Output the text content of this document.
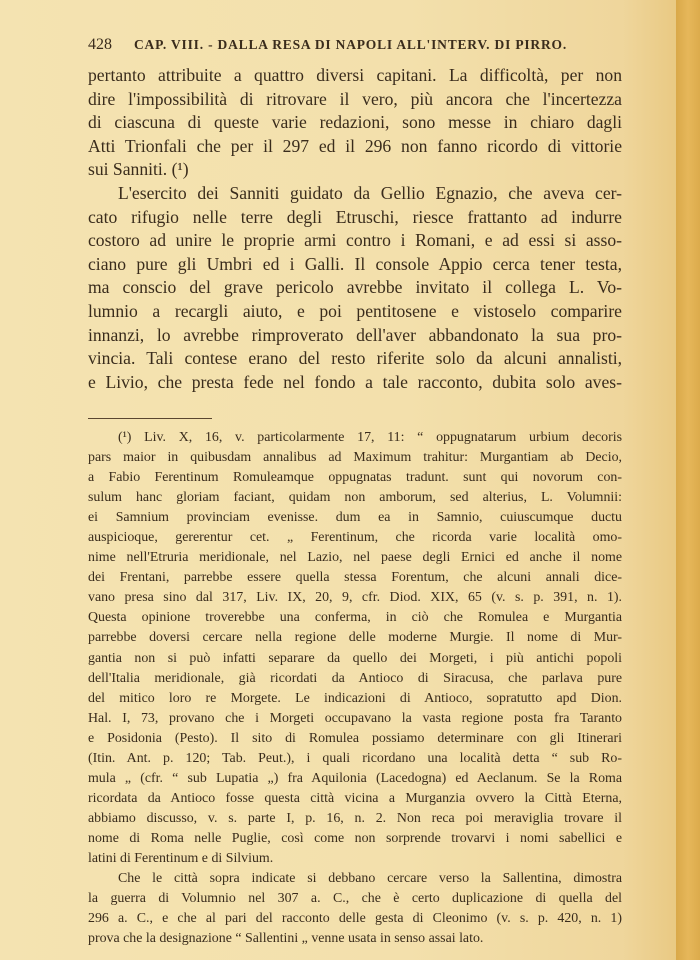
428 CAP. VIII. - DALLA RESA DI NAPOLI ALL'INTERV. DI PIRRO.
pertanto attribuite a quattro diversi capitani. La difficoltà, per non
dire l'impossibilità di ritrovare il vero, più ancora che l'incertezza
di ciascuna di queste varie redazioni, sono messe in chiaro dagli
Atti Trionfali che per il 297 ed il 296 non fanno ricordo di vittorie
sui Sanniti. (¹)
L'esercito dei Sanniti guidato da Gellio Egnazio, che aveva cer-
cato rifugio nelle terre degli Etruschi, riesce frattanto ad indurre
costoro ad unire le proprie armi contro i Romani, e ad essi si asso-
ciano pure gli Umbri ed i Galli. Il console Appio cerca tener testa,
ma conscio del grave pericolo avrebbe invitato il collega L. Vo-
lumnio a recargli aiuto, e poi pentitosene e vistoselo comparire
innanzi, lo avrebbe rimproverato dell'aver abbandonato la sua pro-
vincia. Tali contese erano del resto riferite solo da alcuni annalisti,
e Livio, che presta fede nel fondo a tale racconto, dubita solo aves-
(¹) Liv. X, 16, v. particolarmente 17, 11: “ oppugnatarum urbium decoris
pars maior in quibusdam annalibus ad Maximum trahitur: Murgantiam ab Decio,
a Fabio Ferentinum Romuleamque oppugnatas tradunt. sunt qui novorum con-
sulum hanc gloriam faciant, quidam non amborum, sed alterius, L. Volumnii:
ei Samnium provinciam evenisse. dum ea in Samnio, cuiuscumque ductu
auspicioque, gererentur cet. „ Ferentinum, che ricorda varie località omo-
nime nell'Etruria meridionale, nel Lazio, nel paese degli Ernici ed anche il nome
dei Frentani, parrebbe essere quella stessa Forentum, che alcuni annali dice-
vano presa sino dal 317, Liv. IX, 20, 9, cfr. Diod. XIX, 65 (v. s. p. 391, n. 1).
Questa opinione troverebbe una conferma, in ciò che Romulea e Murgantia
parrebbe doversi cercare nella regione delle moderne Murgie. Il nome di Mur-
gantia non si può infatti separare da quello dei Morgeti, i più antichi popoli
dell'Italia meridionale, già ricordati da Antioco di Siracusa, che parlava pure
del mitico loro re Morgete. Le indicazioni di Antioco, sopratutto apd Dion.
Hal. I, 73, provano che i Morgeti occupavano la vasta regione posta fra Taranto
e Posidonia (Pesto). Il sito di Romulea possiamo determinare con gli Itinerari
(Itin. Ant. p. 120; Tab. Peut.), i quali ricordano una località detta “ sub Ro-
mula „ (cfr. “ sub Lupatia „) fra Aquilonia (Lacedogna) ed Aeclanum. Se la Roma
ricordata da Antioco fosse questa città vicina a Murganzia ovvero la Città Eterna,
abbiamo discusso, v. s. parte I, p. 16, n. 2. Non reca poi meraviglia trovare il
nome di Roma nelle Puglie, così come non sorprende trovarvi i nomi sabellici e
latini di Ferentinum e di Silvium.
Che le città sopra indicate si debbano cercare verso la Sallentina, dimostra
la guerra di Volumnio nel 307 a. C., che è certo duplicazione di quella del
296 a. C., e che al pari del racconto delle gesta di Cleonimo (v. s. p. 420, n. 1)
prova che la designazione “ Sallentini „ venne usata in senso assai lato.
